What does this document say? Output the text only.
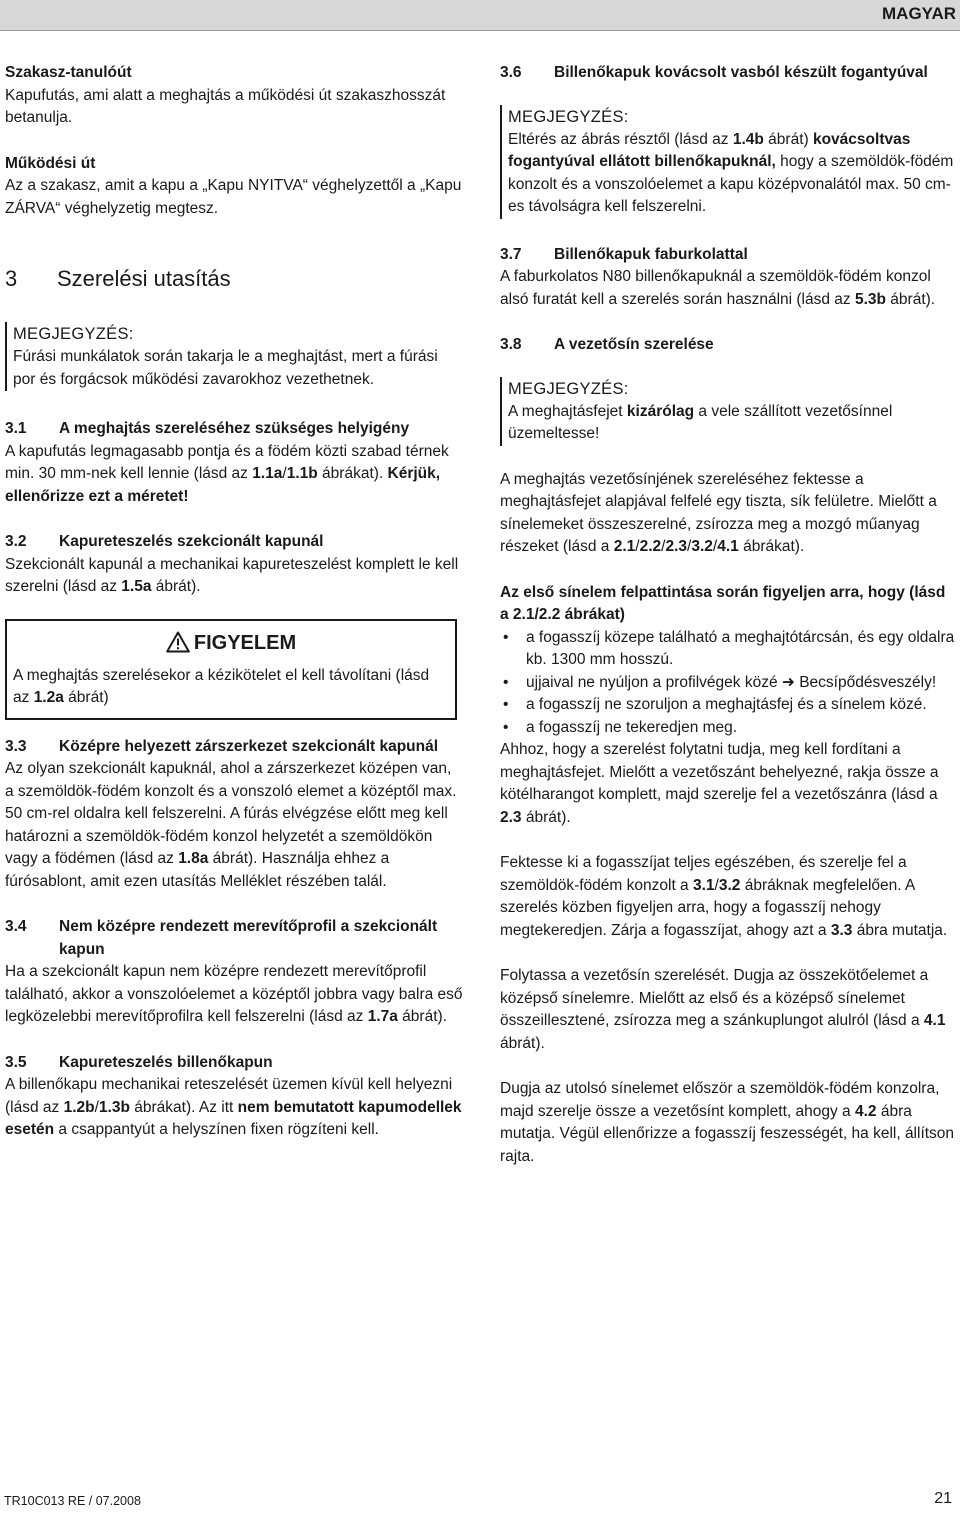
MAGYAR

Szakasz-tanulóút

Kapufutás, ami alatt a meghajtás a működési út szakaszhosszát betanulja.

Működési út

Az a szakasz, amit a kapu a „Kapu NYITVA“ véghelyzettől a „Kapu ZÁRVA“ véghelyzetig megtesz.

3 Szerelési utasítás

MEGJEGYZÉS:

Fúrási munkálatok során takarja le a meghajtást, mert a fúrási por és forgácsok működési zavarokhoz vezethetnek.

3.1 A meghajtás szereléséhez szükséges helyigény

A kapufutás legmagasabb pontja és a födém közti szabad térnek min. 30 mm-nek kell lennie (lásd az 1.1a/1.1b ábrákat). Kérjük, ellenőrizze ezt a méretet!

3.2 Kapureteszelés szekcionált kapunál

Szekcionált kapunál a mechanikai kapureteszelést komplett le kell szerelni (lásd az 1.5a ábrát).

FIGYELEM

A meghajtás szerelésekor a kézikötelet el kell távolítani (lásd az 1.2a ábrát)

3.3 Középre helyezett zárszerkezet szekcionált kapunál

Az olyan szekcionált kapuknál, ahol a zárszerkezet középen van, a szemöldök-födém konzolt és a vonszoló elemet a középtől max. 50 cm-rel oldalra kell felszerelni. A fúrás elvégzése előtt meg kell határozni a szemöldök-födém konzol helyzetét a szemöldökön vagy a födémen (lásd az 1.8a ábrát). Használja ehhez a fúrósablont, amit ezen utasítás Melléklet részében talál.

3.4 Nem középre rendezett merevítőprofil a szekcionált kapun

Ha a szekcionált kapun nem középre rendezett merevítőprofil található, akkor a vonszolóelemet a középtől jobbra vagy balra eső legközelebbi merevítőprofilra kell felszerelni (lásd az 1.7a ábrát).

3.5 Kapureteszelés billenőkapun

A billenőkapu mechanikai reteszelését üzemen kívül kell helyezni (lásd az 1.2b/1.3b ábrákat). Az itt nem bemutatott kapumodellek esetén a csappantyút a helyszínen fixen rögzíteni kell.

3.6 Billenőkapuk kovácsolt vasból készült fogantyúval

MEGJEGYZÉS:

Eltérés az ábrás résztől (lásd az 1.4b ábrát) kovácsoltvas fogantyúval ellátott billenőkapuknál, hogy a szemöldök-födém konzolt és a vonszolóelemet a kapu középvonalától max. 50 cm-es távolságra kell felszerelni.

3.7 Billenőkapuk faburkolattal

A faburkolatos N80 billenőkapuknál a szemöldök-födém konzol alsó furatát kell a szerelés során használni (lásd az 5.3b ábrát).

3.8 A vezetősín szerelése

MEGJEGYZÉS:

A meghajtásfejet kizárólag a vele szállított vezetősínnel üzemeltesse!

A meghajtás vezetősínjének szereléséhez fektesse a meghajtásfejet alapjával felfelé egy tiszta, sík felületre. Mielőtt a sínelemeket összeszerelné, zsírozza meg a mozgó műanyag részeket (lásd a 2.1/2.2/2.3/3.2/4.1 ábrákat).

Az első sínelem felpattintása során figyeljen arra, hogy (lásd a 2.1/2.2 ábrákat)

• a fogasszíj közepe található a meghajtótárcsán, és egy oldalra kb. 1300 mm hosszú.
• ujjaival ne nyúljon a profilvégek közé ➜ Becsípődésveszély!
• a fogasszíj ne szoruljon a meghajtásfej és a sínelem közé.
• a fogasszíj ne tekeredjen meg.

Ahhoz, hogy a szerelést folytatni tudja, meg kell fordítani a meghajtásfejet. Mielőtt a vezetőszánt behelyezné, rakja össze a kötélharangot komplett, majd szerelje fel a vezetőszánra (lásd a 2.3 ábrát).

Fektesse ki a fogasszíjat teljes egészében, és szerelje fel a szemöldök-födém konzolt a 3.1/3.2 ábráknak megfelelően. A szerelés közben figyeljen arra, hogy a fogasszíj nehogy megtekeredjen. Zárja a fogasszíjat, ahogy azt a 3.3 ábra mutatja.

Folytassa a vezetősín szerelését. Dugja az összekötőelemet a középső sínelemre. Mielőtt az első és a középső sínelemet összeillesztené, zsírozza meg a szánkuplungot alulról (lásd a 4.1 ábrát).

Dugja az utolsó sínelemet először a szemöldök-födém konzolra, majd szerelje össze a vezetősínt komplett, ahogy a 4.2 ábra mutatja. Végül ellenőrizze a fogasszíj feszességét, ha kell, állítson rajta.

TR10C013 RE / 07.2008	21
